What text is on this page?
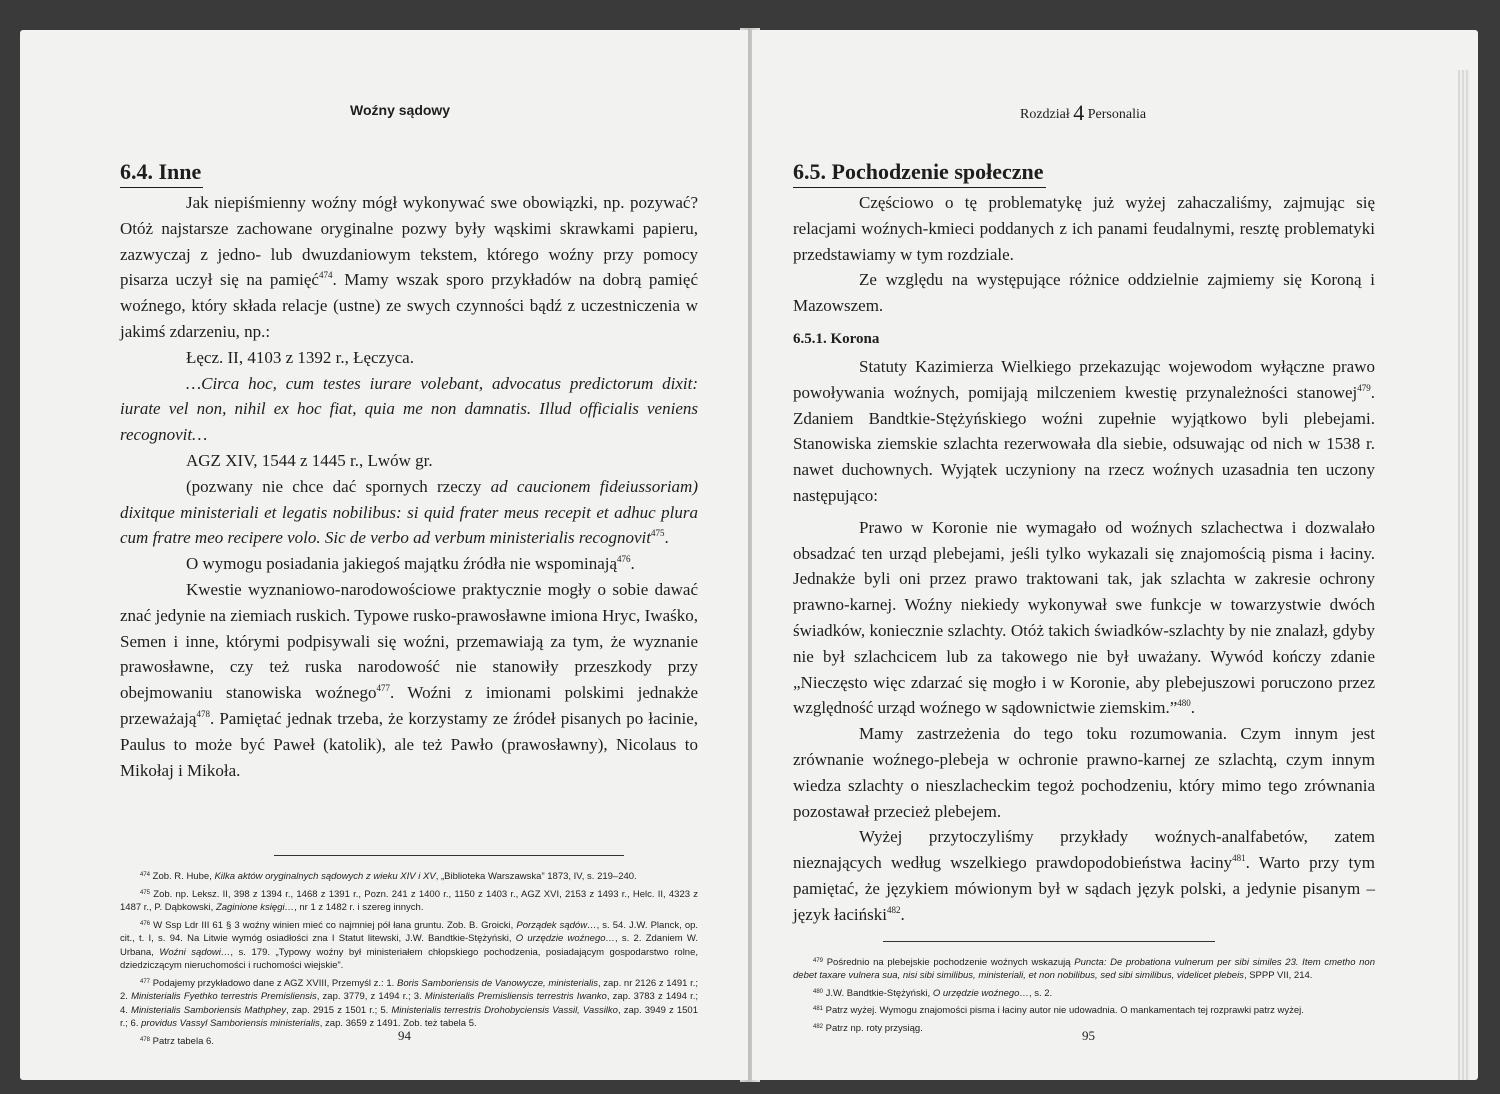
Woźny sądowy
6.4. Inne

Jak niepiśmienny woźny mógł wykonywać swe obowiązki, np. pozywać? Otóż najstarsze zachowane oryginalne pozwy były wąskimi skrawkami papieru, zazwyczaj z jedno- lub dwuzdaniowym tekstem, którego woźny przy pomocy pisarza uczył się na pamięć$^{474}$. Mamy wszak sporo przykładów na dobrą pamięć woźnego, który składa relacje (ustne) ze swych czynności bądź z uczestniczenia w jakimś zdarzeniu, np.:

Łęcz. II, 4103 z 1392 r., Łęczyca.

…Circa hoc, cum testes iurare volebant, advocatus predictorum dixit: iurate vel non, nihil ex hoc fiat, quia me non damnatis. Illud officialis veniens recognovit…

AGZ XIV, 1544 z 1445 r., Lwów gr.

(pozwany nie chce dać spornych rzeczy ad caucionem fideiussoriam) dixitque ministeriali et legatis nobilibus: si quid frater meus recepit et adhuc plura cum fratre meo recipere volo. Sic de verbo ad verbum ministerialis recognovit$^{475}$.

O wymogu posiadania jakiegoś majątku źródła nie wspominają$^{476}$.

Kwestie wyznaniowo-narodowościowe praktycznie mogły o sobie dawać znać jedynie na ziemiach ruskich. Typowe rusko-prawosławne imiona Hryc, Iwaśko, Semen i inne, którymi podpisywali się woźni, przemawiają za tym, że wyznanie prawosławne, czy też ruska narodowość nie stanowiły przeszkody przy obejmowaniu stanowiska woźnego$^{477}$. Woźni z imionami polskimi jednakże przeważają$^{478}$. Pamiętać jednak trzeba, że korzystamy ze źródeł pisanych po łacinie, Paulus to może być Paweł (katolik), ale też Pawło (prawosławny), Nicolaus to Mikołaj i Mikoła.

$^{474}$ Zob. R. Hube, Kilka aktów oryginalnych sądowych z wieku XIV i XV, „Biblioteka Warszawska” 1873, IV, s. 219–240.
$^{475}$ Zob. np. Leksz. II, 398 z 1394 r., 1468 z 1391 r., Pozn. 241 z 1400 r., 1150 z 1403 r., AGZ XVI, 2153 z 1493 r., Helc. II, 4323 z 1487 r., P. Dąbkowski, Zaginione księgi…, nr 1 z 1482 r. i szereg innych.
$^{476}$ W Ssp Ldr III 61 § 3 woźny winien mieć co najmniej pół łana gruntu. Zob. B. Groicki, Porządek sądów…, s. 54. J.W. Planck, op. cit., t. I, s. 94. Na Litwie wymóg osiadłości zna I Statut litewski, J.W. Bandtkie-Stężyński, O urzędzie woźnego…, s. 2. Zdaniem W. Urbana, Woźni sądowi…, s. 179. „Typowy woźny był ministeriałem chłopskiego pochodzenia, posiadającym gospodarstwo rolne, dziedziczącym nieruchomości i ruchomości wiejskie”.
$^{477}$ Podajemy przykładowo dane z AGZ XVIII, Przemyśl z.: 1. Boris Samboriensis de Vanowycze, ministerialis, zap. nr 2126 z 1491 r.; 2. Ministerialis Fyethko terrestris Premisliensis, zap. 3779, z 1494 r.; 3. Ministerialis Premisliensis terrestris Iwanko, zap. 3783 z 1494 r.; 4. Ministerialis Samboriensis Mathphey, zap. 2915 z 1501 r.; 5. Ministerialis terrestris Drohobyciensis Vassil, Vassilko, zap. 3949 z 1501 r.; 6. providus Vassyl Samboriensis ministerialis, zap. 3659 z 1491. Zob. też tabela 5.
$^{478}$ Patrz tabela 6.	94
Rozdział 4 Personalia
6.5. Pochodzenie społeczne

Częściowo o tę problematykę już wyżej zahaczaliśmy, zajmując się relacjami woźnych-kmieci poddanych z ich panami feudalnymi, resztę problematyki przedstawiamy w tym rozdziale.

Ze względu na występujące różnice oddzielnie zajmiemy się Koroną i Mazowszem.

6.5.1. Korona

Statuty Kazimierza Wielkiego przekazując wojewodom wyłączne prawo powoływania woźnych, pomijają milczeniem kwestię przynależności stanowej$^{479}$. Zdaniem Bandtkie-Stężyńskiego woźni zupełnie wyjątkowo byli plebejami. Stanowiska ziemskie szlachta rezerwowała dla siebie, odsuwając od nich w 1538 r. nawet duchownych. Wyjątek uczyniony na rzecz woźnych uzasadnia ten uczony następująco:

Prawo w Koronie nie wymagało od woźnych szlachectwa i dozwalało obsadzać ten urząd plebejami, jeśli tylko wykazali się znajomością pisma i łaciny. Jednakże byli oni przez prawo traktowani tak, jak szlachta w zakresie ochrony prawno-karnej. Woźny niekiedy wykonywał swe funkcje w towarzystwie dwóch świadków, koniecznie szlachty. Otóż takich świadków-szlachty by nie znalazł, gdyby nie był szlachcicem lub za takowego nie był uważany. Wywód kończy zdanie „Nieczęsto więc zdarzać się mogło i w Koronie, aby plebejuszowi poruczono przez względność urząd woźnego w sądownictwie ziemskim.”$^{480}$.

Mamy zastrzeżenia do tego toku rozumowania. Czym innym jest zrównanie woźnego-plebeja w ochronie prawno-karnej ze szlachtą, czym innym wiedza szlachty o nieszlacheckim tegoż pochodzeniu, który mimo tego zrównania pozostawał przecież plebejem.

Wyżej przytoczyliśmy przykłady woźnych-analfabetów, zatem nieznających według wszelkiego prawdopodobieństwa łaciny$^{481}$. Warto przy tym pamiętać, że językiem mówionym był w sądach język polski, a jedynie pisanym – język łaciński$^{482}$.

$^{479}$ Pośrednio na plebejskie pochodzenie woźnych wskazują Puncta: De probationa vulnerum per sibi similes 23. Item cmetho non debet taxare vulnera sua, nisi sibi similibus, ministeriali, et non nobilibus, sed sibi similibus, videlicet plebeis, SPPP VII, 214.
$^{480}$ J.W. Bandtkie-Stężyński, O urzędzie woźnego…, s. 2.
$^{481}$ Patrz wyżej. Wymogu znajomości pisma i łaciny autor nie udowadnia. O mankamentach tej rozprawki patrz wyżej.
$^{482}$ Patrz np. roty przysiąg.	95
